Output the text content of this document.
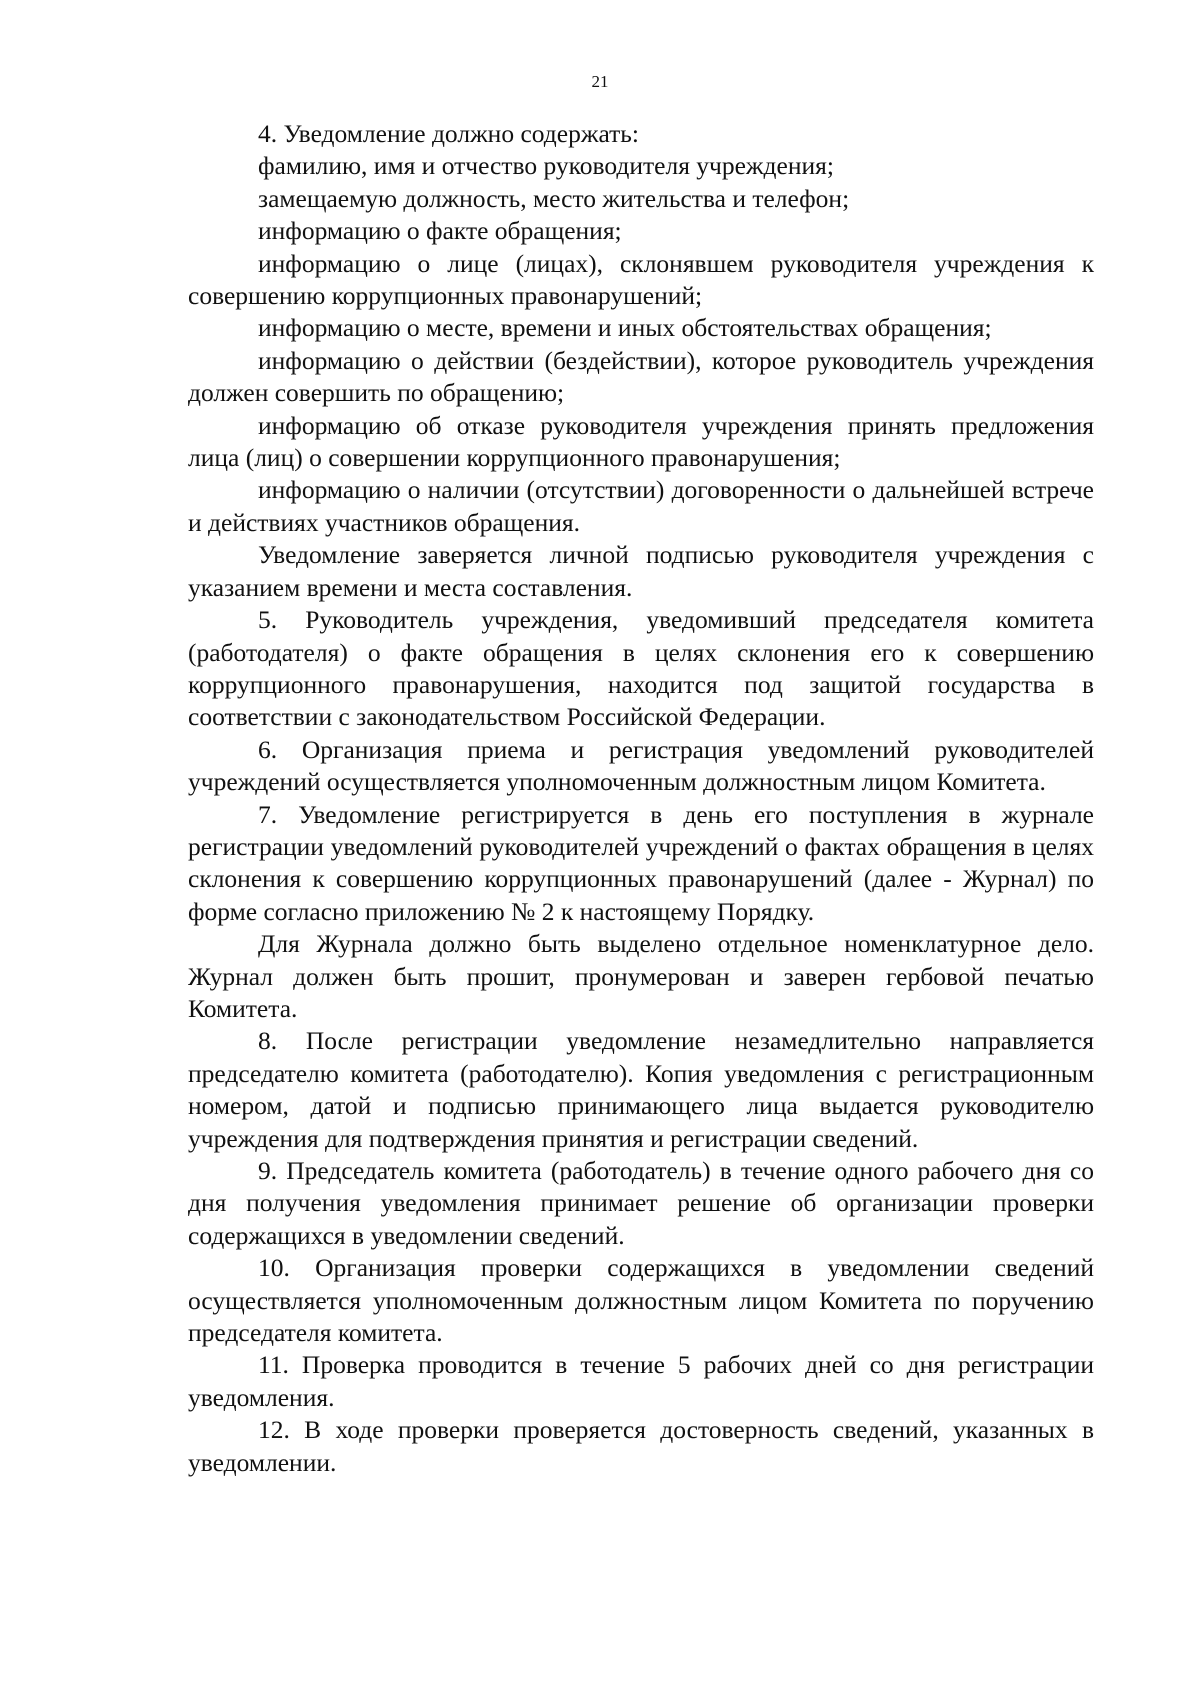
21

4. Уведомление должно содержать:

фамилию, имя и отчество руководителя учреждения;

замещаемую должность, место жительства и телефон;

информацию о факте обращения;

информацию о лице (лицах), склонявшем руководителя учреждения к совершению коррупционных правонарушений;

информацию о месте, времени и иных обстоятельствах обращения;

информацию о действии (бездействии), которое руководитель учреждения должен совершить по обращению;

информацию об отказе руководителя учреждения принять предложения лица (лиц) о совершении коррупционного правонарушения;

информацию о наличии (отсутствии) договоренности о дальнейшей встрече и действиях участников обращения.

Уведомление заверяется личной подписью руководителя учреждения с указанием времени и места составления.

5. Руководитель учреждения, уведомивший председателя комитета (работодателя) о факте обращения в целях склонения его к совершению коррупционного правонарушения, находится под защитой государства в соответствии с законодательством Российской Федерации.

6. Организация приема и регистрация уведомлений руководителей учреждений осуществляется уполномоченным должностным лицом Комитета.

7. Уведомление регистрируется в день его поступления в журнале регистрации уведомлений руководителей учреждений о фактах обращения в целях склонения к совершению коррупционных правонарушений (далее - Журнал) по форме согласно приложению № 2 к настоящему Порядку.

Для Журнала должно быть выделено отдельное номенклатурное дело. Журнал должен быть прошит, пронумерован и заверен гербовой печатью Комитета.

8. После регистрации уведомление незамедлительно направляется председателю комитета (работодателю). Копия уведомления с регистрационным номером, датой и подписью принимающего лица выдается руководителю учреждения для подтверждения принятия и регистрации сведений.

9. Председатель комитета (работодатель) в течение одного рабочего дня со дня получения уведомления принимает решение об организации проверки содержащихся в уведомлении сведений.

10. Организация проверки содержащихся в уведомлении сведений осуществляется уполномоченным должностным лицом Комитета по поручению председателя комитета.

11. Проверка проводится в течение 5 рабочих дней со дня регистрации уведомления.

12. В ходе проверки проверяется достоверность сведений, указанных в уведомлении.
